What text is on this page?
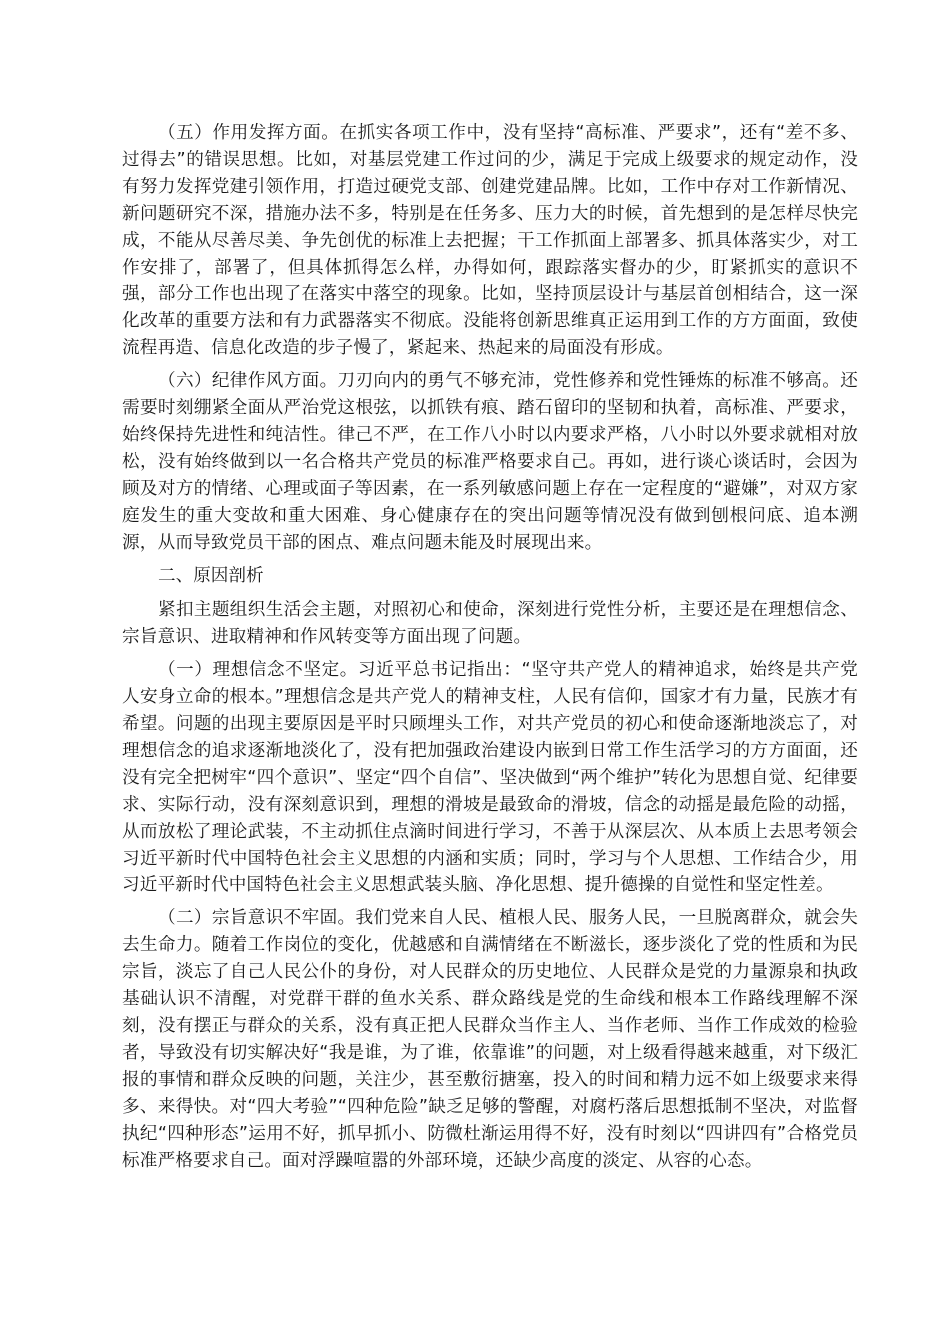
（五）作用发挥方面。在抓实各项工作中，没有坚持“高标准、严要求”，还有“差不多、过得去”的错误思想。比如，对基层党建工作过问的少，满足于完成上级要求的规定动作，没有努力发挥党建引领作用，打造过硬党支部、创建党建品牌。比如，工作中存对工作新情况、新问题研究不深，措施办法不多，特别是在任务多、压力大的时候，首先想到的是怎样尽快完成，不能从尽善尽美、争先创优的标准上去把握；干工作抓面上部署多、抓具体落实少，对工作安排了，部署了，但具体抓得怎么样，办得如何，跟踪落实督办的少，盯紧抓实的意识不强，部分工作也出现了在落实中落空的现象。比如，坚持顶层设计与基层首创相结合，这一深化改革的重要方法和有力武器落实不彻底。没能将创新思维真正运用到工作的方方面面，致使流程再造、信息化改造的步子慢了，紧起来、热起来的局面没有形成。

（六）纪律作风方面。刀刃向内的勇气不够充沛，党性修养和党性锤炼的标准不够高。还需要时刻绷紧全面从严治党这根弦，以抓铁有痕、踏石留印的坚韧和执着，高标准、严要求，始终保持先进性和纯洁性。律己不严，在工作八小时以内要求严格，八小时以外要求就相对放松，没有始终做到以一名合格共产党员的标准严格要求自己。再如，进行谈心谈话时，会因为顾及对方的情绪、心理或面子等因素，在一系列敏感问题上存在一定程度的“避嫌”，对双方家庭发生的重大变故和重大困难、身心健康存在的突出问题等情况没有做到刨根问底、追本溯源，从而导致党员干部的困点、难点问题未能及时展现出来。

二、原因剖析

紧扣主题组织生活会主题，对照初心和使命，深刻进行党性分析，主要还是在理想信念、宗旨意识、进取精神和作风转变等方面出现了问题。

（一）理想信念不坚定。习近平总书记指出：“坚守共产党人的精神追求，始终是共产党人安身立命的根本。”理想信念是共产党人的精神支柱，人民有信仰，国家才有力量，民族才有希望。问题的出现主要原因是平时只顾埋头工作，对共产党员的初心和使命逐渐地淡忘了，对理想信念的追求逐渐地淡化了，没有把加强政治建设内嵌到日常工作生活学习的方方面面，还没有完全把树牢“四个意识”、坚定“四个自信”、坚决做到“两个维护”转化为思想自觉、纪律要求、实际行动，没有深刻意识到，理想的滑坡是最致命的滑坡，信念的动摇是最危险的动摇，从而放松了理论武装，不主动抓住点滴时间进行学习，不善于从深层次、从本质上去思考领会习近平新时代中国特色社会主义思想的内涵和实质；同时，学习与个人思想、工作结合少，用习近平新时代中国特色社会主义思想武装头脑、净化思想、提升德操的自觉性和坚定性差。

（二）宗旨意识不牢固。我们党来自人民、植根人民、服务人民，一旦脱离群众，就会失去生命力。随着工作岗位的变化，优越感和自满情绪在不断滋长，逐步淡化了党的性质和为民宗旨，淡忘了自己人民公仆的身份，对人民群众的历史地位、人民群众是党的力量源泉和执政基础认识不清醒，对党群干群的鱼水关系、群众路线是党的生命线和根本工作路线理解不深刻，没有摆正与群众的关系，没有真正把人民群众当作主人、当作老师、当作工作成效的检验者，导致没有切实解决好“我是谁，为了谁，依靠谁”的问题，对上级看得越来越重，对下级汇报的事情和群众反映的问题，关注少，甚至敷衍搪塞，投入的时间和精力远不如上级要求来得多、来得快。对“四大考验”“四种危险”缺乏足够的警醒，对腐朽落后思想抵制不坚决，对监督执纪“四种形态”运用不好，抓早抓小、防微杜渐运用得不好，没有时刻以“四讲四有”合格党员标准严格要求自己。面对浮躁喧嚣的外部环境，还缺少高度的淡定、从容的心态。
